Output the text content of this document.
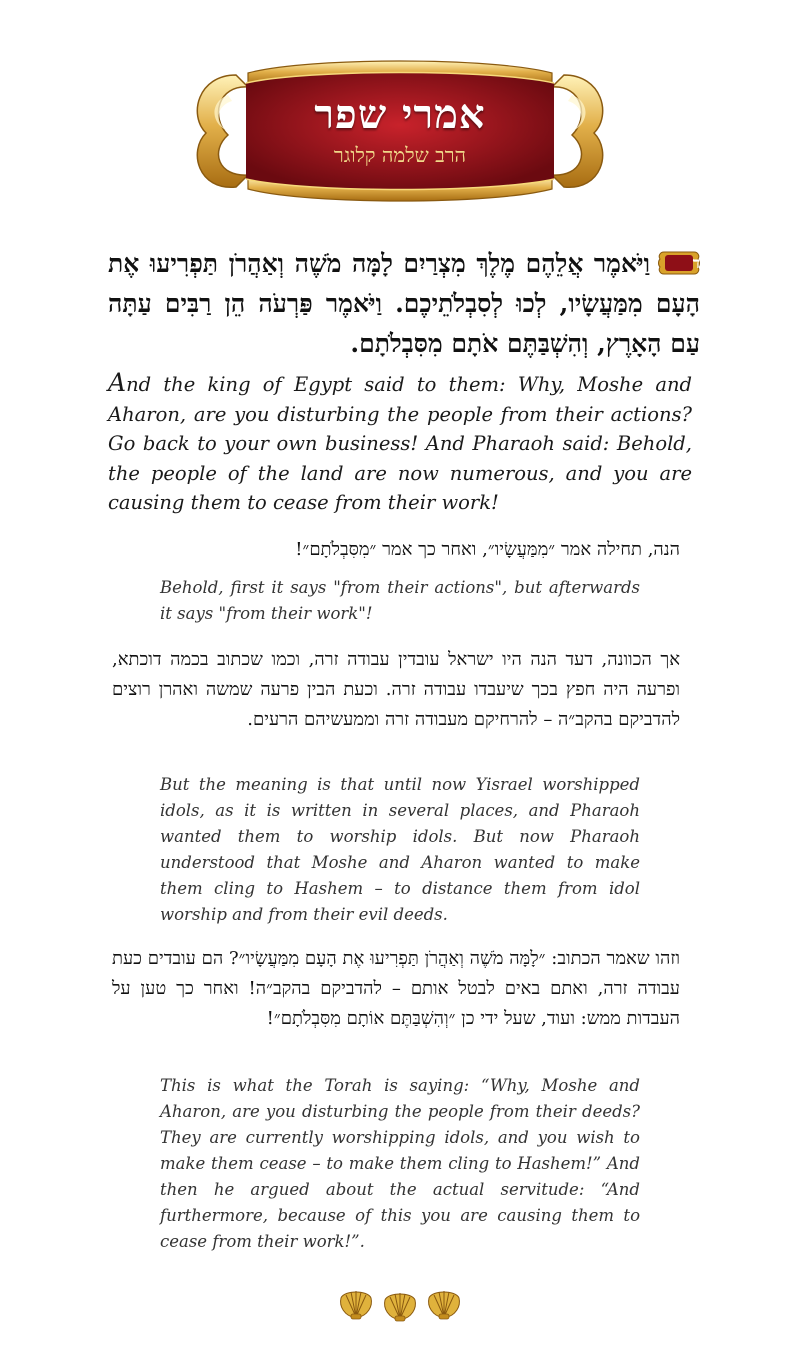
אמרי שפר
הרב שלמה קלוגר
ד
וַיֹּאמֶר אֲלֵהֶם מֶלֶךְ מִצְרַיִם לָמָּה מֹשֶׁה וְאַהֲרֹן תַּפְרִיעוּ אֶת הָעָם מִמַּעֲשָׂיו, לְכוּ לְסִבְלֹתֵיכֶם. וַיֹּאמֶר פַּרְעֹה הֵן רַבִּים עַתָּה עַם הָאָרֶץ, וְהִשְׁבַּתֶּם אֹתָם מִסִּבְלֹתָם.
And the king of Egypt said to them: Why, Moshe and Aharon, are you disturbing the people from their actions? Go back to your own business! And Pharaoh said: Behold, the people of the land are now numerous, and you are causing them to cease from their work!
הנה, תחילה אמר ״מִמַּעֲשָׂיו״, ואחר כך אמר ״מִסִּבְלֹתָם״!
Behold, first it says "from their actions", but afterwards it says "from their work"!
אך הכוונה, דעד הנה היו ישראל עובדין עבודה זרה, וכמו שכתוב בכמה דוכתא, ופרעה היה חפץ בכך שיעבדו עבודה זרה. וכעת הבין פרעה שמשה ואהרן רוצים להדביקם בהקב״ה – להרחיקם מעבודה זרה וממעשיהם הרעים.
But the meaning is that until now Yisrael worshipped idols, as it is written in several places, and Pharaoh wanted them to worship idols. But now Pharaoh understood that Moshe and Aharon wanted to make them cling to Hashem – to distance them from idol worship and from their evil deeds.
וזהו שאמר הכתוב: ״לָמָּה מֹשֶׁה וְאַהֲרֹן תַּפְרִיעוּ אֶת הָעָם מִמַּעֲשָׂיו״? הם עובדים כעת עבודה זרה, ואתם באים לבטל אותם – להדביקם בהקב״ה! ואחר כך טען על העבדות ממש: ועוד, שעל ידי כן ״וְהִשְׁבַּתֶּם אוֹתָם מִסִּבְלֹתָם״!
This is what the Torah is saying: “Why, Moshe and Aharon, are you disturbing the people from their deeds? They are currently worshipping idols, and you wish to make them cease – to make them cling to Hashem!” And then he argued about the actual servitude: “And furthermore, because of this you are causing them to cease from their work!”.
